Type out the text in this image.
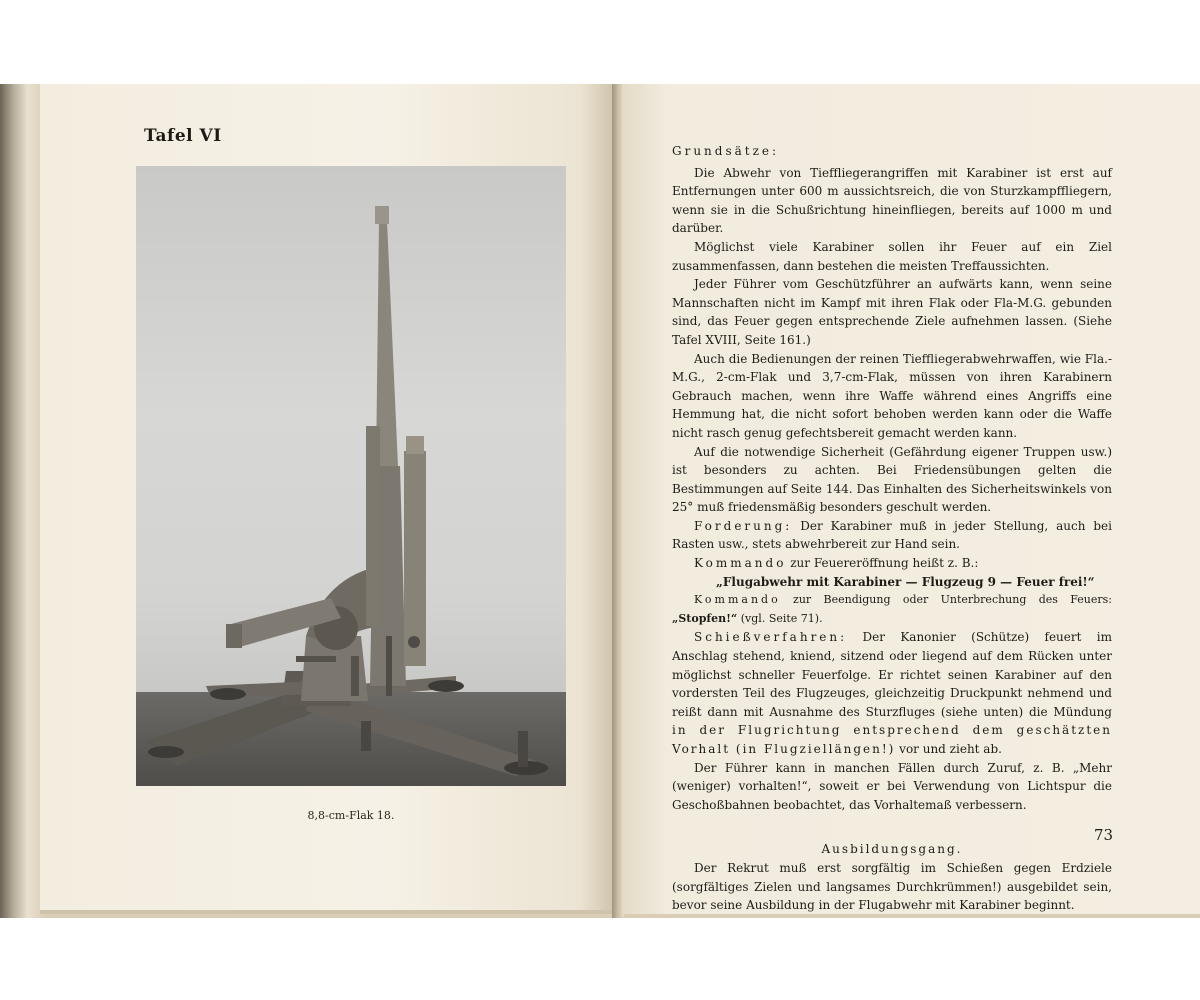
Tafel VI
8,8-cm-Flak 18.

Grundsätze:

Die Abwehr von Tieffliegerangriffen mit Karabiner ist erst auf Entfernungen unter 600 m aussichtsreich, die von Sturzkampffliegern, wenn sie in die Schußrichtung hineinfliegen, bereits auf 1000 m und darüber.

Möglichst viele Karabiner sollen ihr Feuer auf ein Ziel zusammenfassen, dann bestehen die meisten Treffaussichten.

Jeder Führer vom Geschützführer an aufwärts kann, wenn seine Mannschaften nicht im Kampf mit ihren Flak oder Fla-M.G. gebunden sind, das Feuer gegen entsprechende Ziele aufnehmen lassen. (Siehe Tafel XVIII, Seite 161.)

Auch die Bedienungen der reinen Tieffliegerabwehrwaffen, wie Fla.-M.G., 2-cm-Flak und 3,7-cm-Flak, müssen von ihren Karabinern Gebrauch machen, wenn ihre Waffe während eines Angriffs eine Hemmung hat, die nicht sofort behoben werden kann oder die Waffe nicht rasch genug gefechtsbereit gemacht werden kann.

Auf die notwendige Sicherheit (Gefährdung eigener Truppen usw.) ist besonders zu achten. Bei Friedensübungen gelten die Bestimmungen auf Seite 144. Das Einhalten des Sicherheitswinkels von 25° muß friedensmäßig besonders geschult werden.

Forderung: Der Karabiner muß in jeder Stellung, auch bei Rasten usw., stets abwehrbereit zur Hand sein.

Kommando zur Feuereröffnung heißt z. B.:

„Flugabwehr mit Karabiner — Flugzeug 9 — Feuer frei!“

Kommando zur Beendigung oder Unterbrechung des Feuers: „Stopfen!“ (vgl. Seite 71).

Schießverfahren: Der Kanonier (Schütze) feuert im Anschlag stehend, kniend, sitzend oder liegend auf dem Rücken unter möglichst schneller Feuerfolge. Er richtet seinen Karabiner auf den vordersten Teil des Flugzeuges, gleichzeitig Druckpunkt nehmend und reißt dann mit Ausnahme des Sturzfluges (siehe unten) die Mündung in der Flugrichtung entsprechend dem geschätzten Vorhalt (in Flugziellängen!) vor und zieht ab.

Der Führer kann in manchen Fällen durch Zuruf, z. B. „Mehr (weniger) vorhalten!“, soweit er bei Verwendung von Lichtspur die Geschoßbahnen beobachtet, das Vorhaltemaß verbessern.

Ausbildungsgang.

Der Rekrut muß erst sorgfältig im Schießen gegen Erdziele (sorgfältiges Zielen und langsames Durchkrümmen!) ausgebildet sein, bevor seine Ausbildung in der Flugabwehr mit Karabiner beginnt.

73
